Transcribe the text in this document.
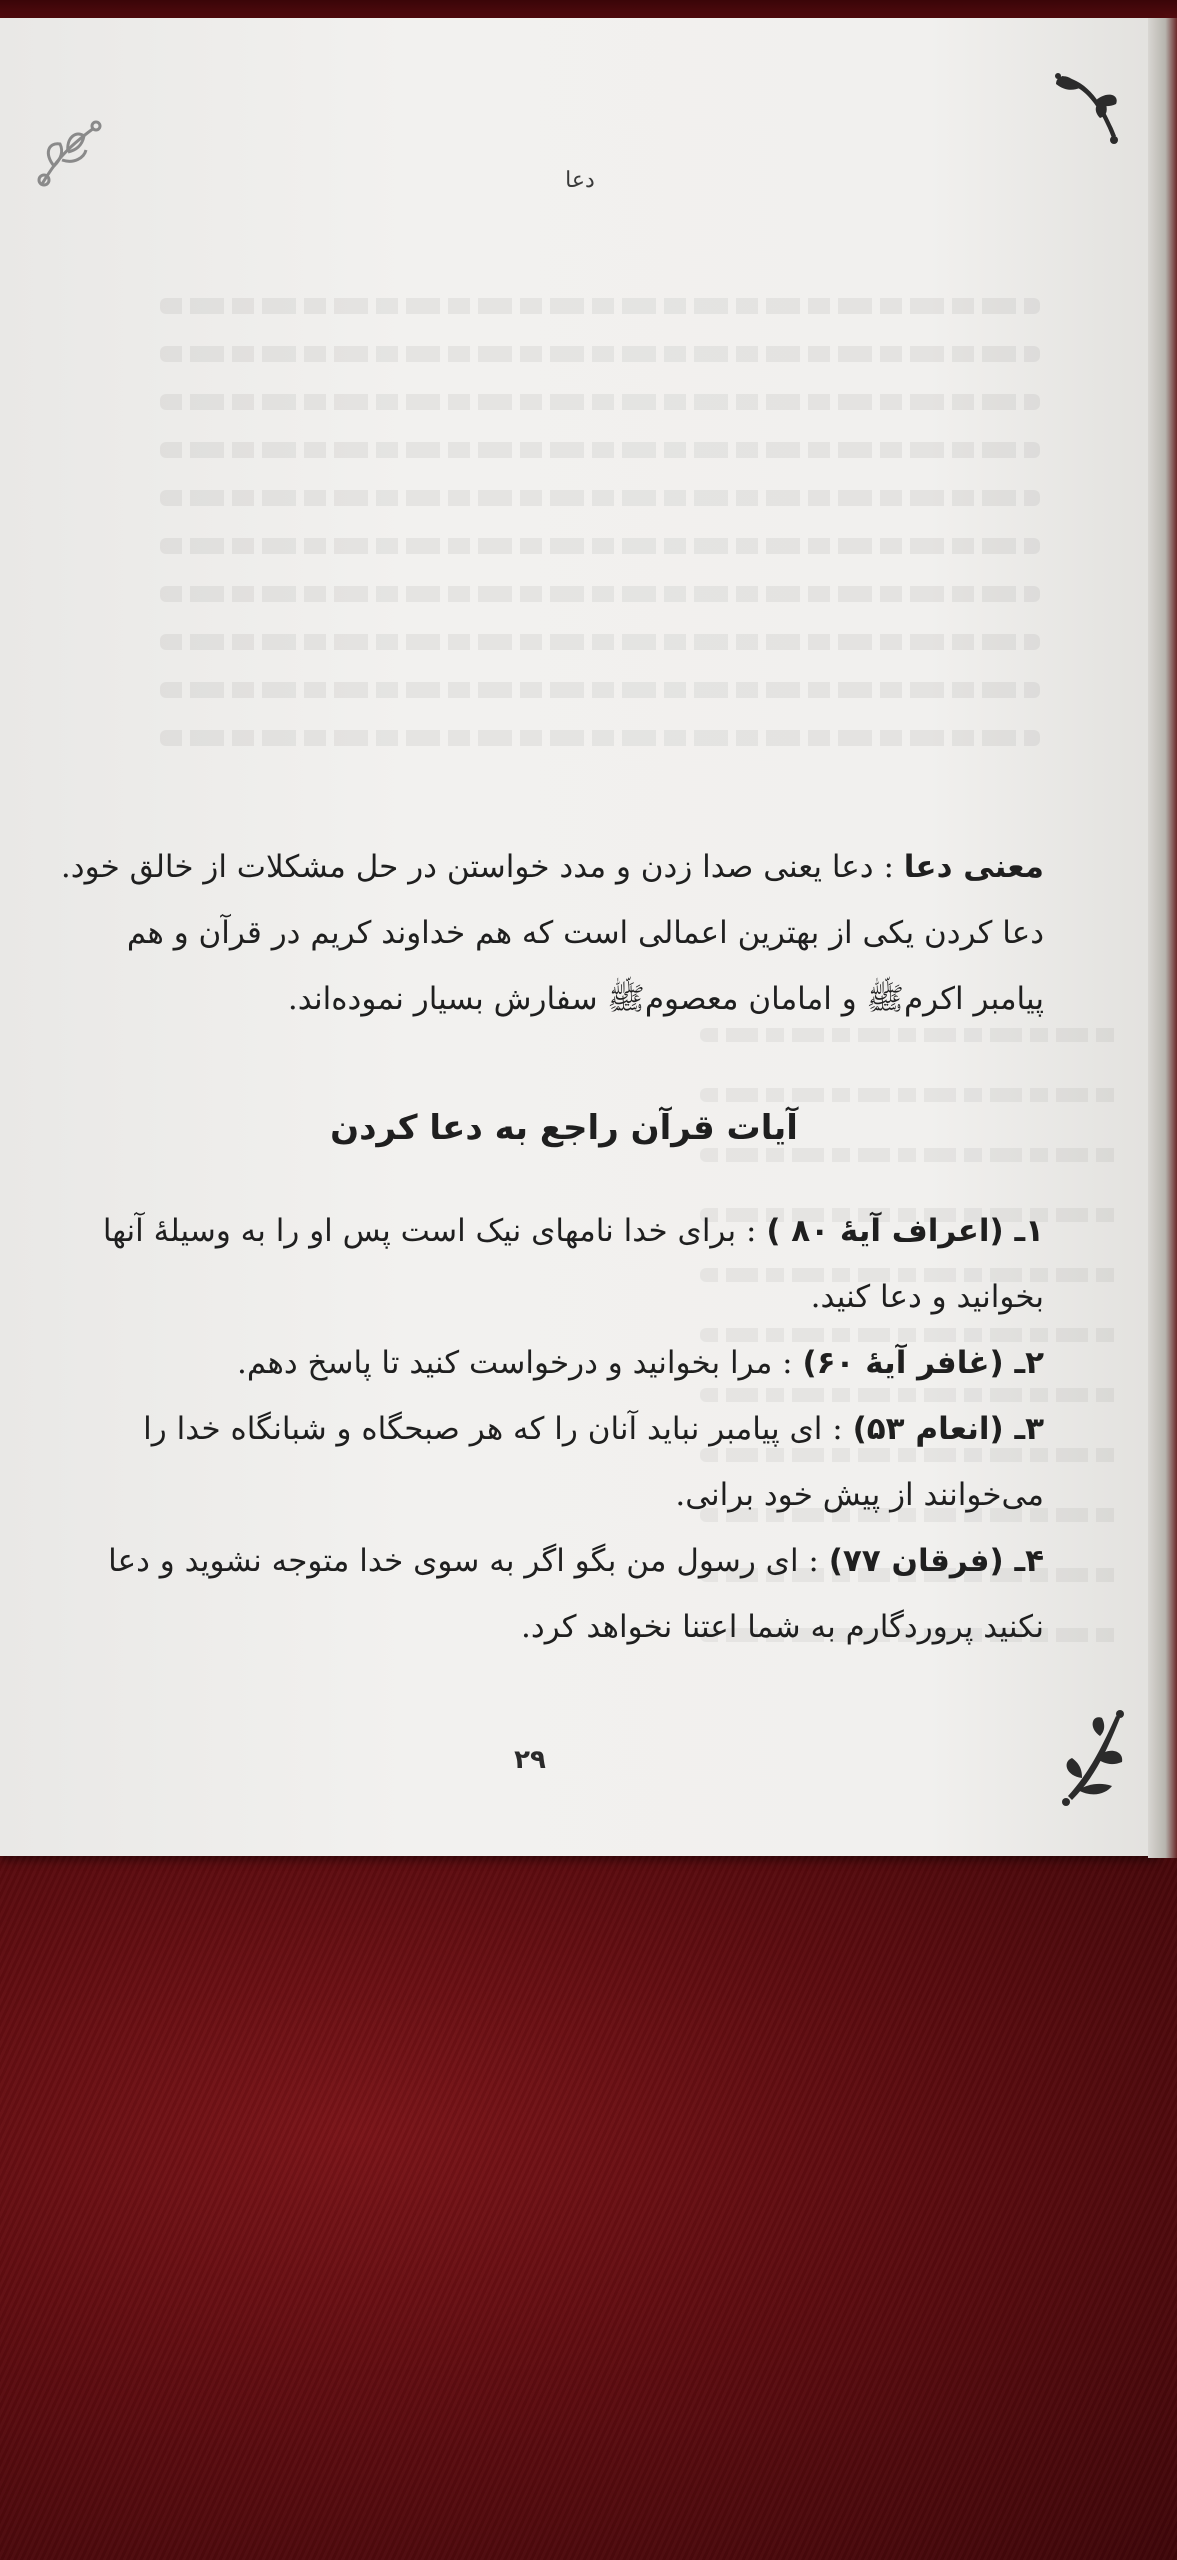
دعا
معنی دعا : دعا یعنی صدا زدن و مدد خواستن در حل مشکلات از خالق خود.
دعا کردن یکی از بهترین اعمالی است که هم خداوند کریم در قرآن و هم
پیامبر اکرمﷺ و امامان معصومﷺ سفارش بسیار نموده‌اند.
آیات قرآن راجع به دعا کردن
۱ـ (اعراف آیهٔ ۸۰ ) : برای خدا نامهای نیک است پس او را به وسیلهٔ آنها
بخوانید و دعا کنید.
۲ـ (غافر آیهٔ ۶۰) : مرا بخوانید و درخواست کنید تا پاسخ دهم.
۳ـ (انعام ۵۳) : ای پیامبر نباید آنان را که هر صبحگاه و شبانگاه خدا را
می‌خوانند از پیش خود برانی.
۴ـ (فرقان ۷۷) : ای رسول من بگو اگر به سوی خدا متوجه نشوید و دعا
نکنید پروردگارم به شما اعتنا نخواهد کرد.
۲۹
